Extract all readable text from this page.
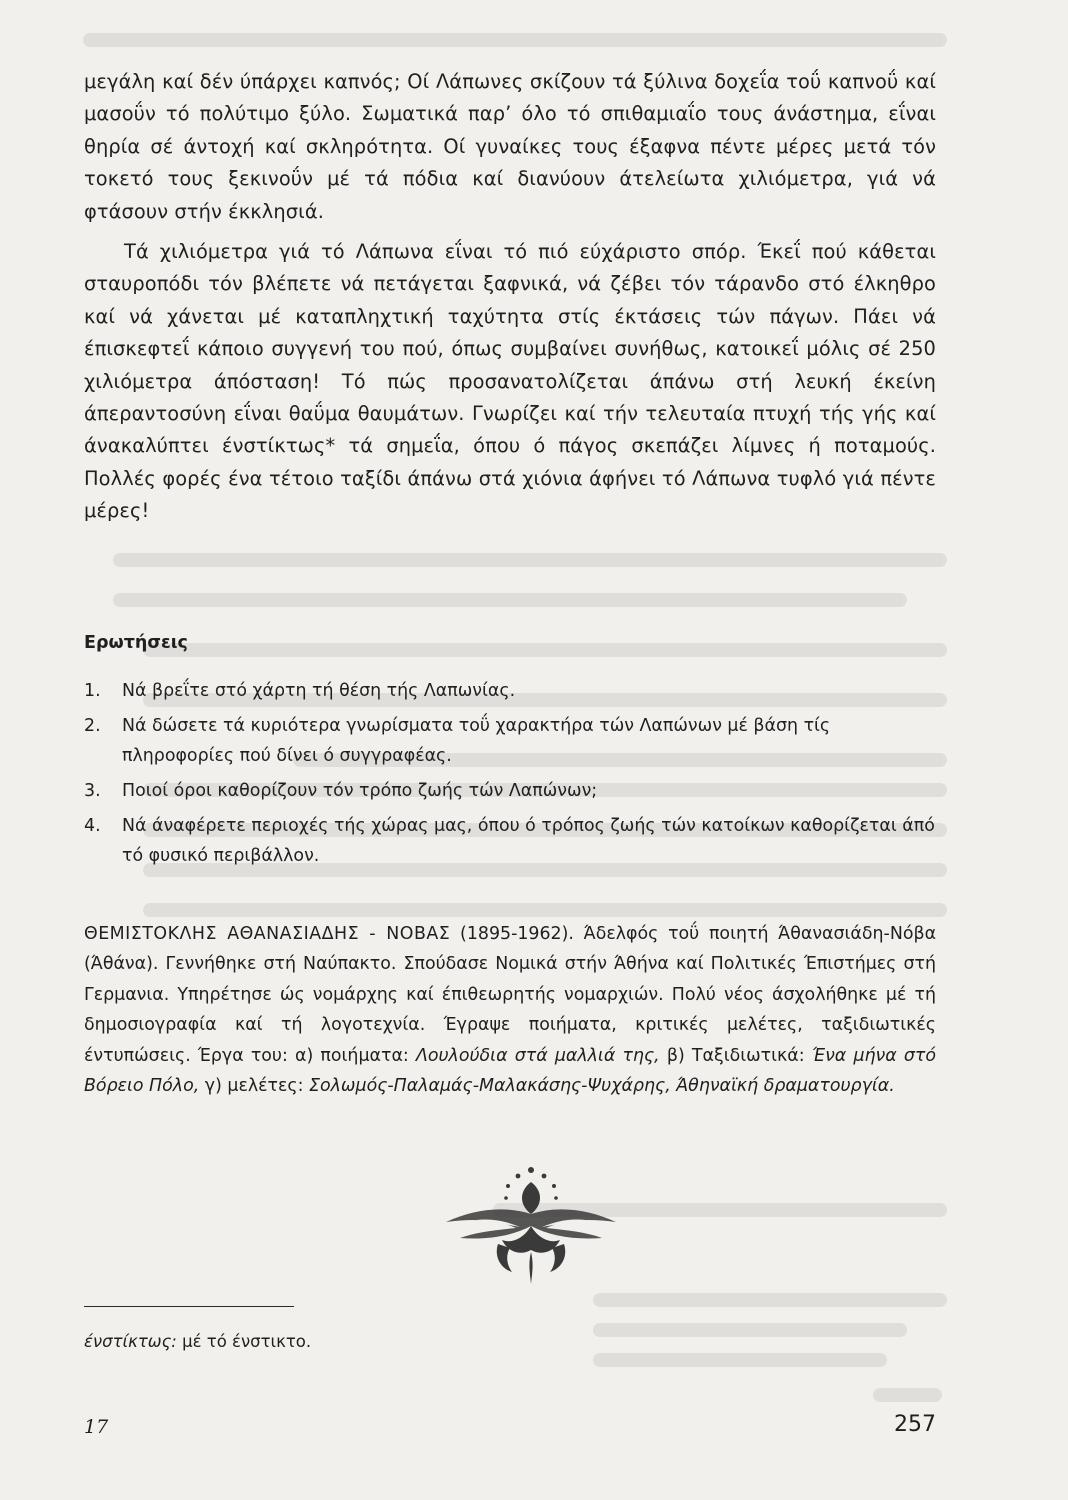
μεγάλη καί δέν ύπάρχει καπνός; Οί Λάπωνες σκίζουν τά ξύλινα δοχεΐα τοΰ καπνοΰ καί μασοΰν τό πολύτιμο ξύλο. Σωματικά παρ’ όλο τό σπιθαμιαΐο τους άνάστημα, εΐναι θηρία σέ άντοχή καί σκληρότητα. Οί γυναίκες τους έξαφνα πέντε μέρες μετά τόν τοκετό τους ξεκινοΰν μέ τά πόδια καί διανύουν άτελείωτα χιλιόμετρα, γιά νά φτάσουν στήν έκκλησιά.

Τά χιλιόμετρα γιά τό Λάπωνα εΐναι τό πιό εύχάριστο σπόρ. Έκεΐ πού κάθεται σταυροπόδι τόν βλέπετε νά πετάγεται ξαφνικά, νά ζέβει τόν τάρανδο στό έλκηθρο καί νά χάνεται μέ καταπληχτική ταχύτητα στίς έκτάσεις τών πάγων. Πάει νά έπισκεφτεΐ κάποιο συγγενή του πού, όπως συμβαίνει συνήθως, κατοικεΐ μόλις σέ 250 χιλιόμετρα άπόσταση! Τό πώς προσανατολίζεται άπάνω στή λευκή έκείνη άπεραντοσύνη εΐναι θαΰμα θαυμάτων. Γνωρίζει καί τήν τελευταία πτυχή τής γής καί άνακαλύπτει ένστίκτως* τά σημεΐα, όπου ό πάγος σκεπάζει λίμνες ή ποταμούς. Πολλές φορές ένα τέτοιο ταξίδι άπάνω στά χιόνια άφήνει τό Λάπωνα τυφλό γιά πέντε μέρες!

Ερωτήσεις

1. Νά βρεΐτε στό χάρτη τή θέση τής Λαπωνίας.
2. Νά δώσετε τά κυριότερα γνωρίσματα τοΰ χαρακτήρα τών Λαπώνων μέ βάση τίς πληροφορίες πού δίνει ό συγγραφέας.
3. Ποιοί όροι καθορίζουν τόν τρόπο ζωής τών Λαπώνων;
4. Νά άναφέρετε περιοχές τής χώρας μας, όπου ό τρόπος ζωής τών κατοίκων καθορίζεται άπό τό φυσικό περιβάλλον.

ΘΕΜΙΣΤΟΚΛΗΣ ΑΘΑΝΑΣΙΑΔΗΣ - ΝΟΒΑΣ (1895-1962). Άδελφός τοΰ ποιητή Άθανασιάδη-Νόβα (Άθάνα). Γεννήθηκε στή Ναύπακτο. Σπούδασε Νομικά στήν Άθήνα καί Πολιτικές Έπιστήμες στή Γερμανια. Υπηρέτησε ώς νομάρχης καί έπιθεωρητής νομαρχιών. Πολύ νέος άσχολήθηκε μέ τή δημοσιογραφία καί τή λογοτεχνία. Έγραψε ποιήματα, κριτικές μελέτες, ταξιδιωτικές έντυπώσεις. Έργα του: α) ποιήματα: Λουλούδια στά μαλλιά της, β) Ταξιδιωτικά: Ένα μήνα στό Βόρειο Πόλο, γ) μελέτες: Σολωμός-Παλαμάς-Μαλακάσης-Ψυχάρης, Άθηναϊκή δραματουργία.

ένστίκτως: μέ τό ένστικτο.

17	257
